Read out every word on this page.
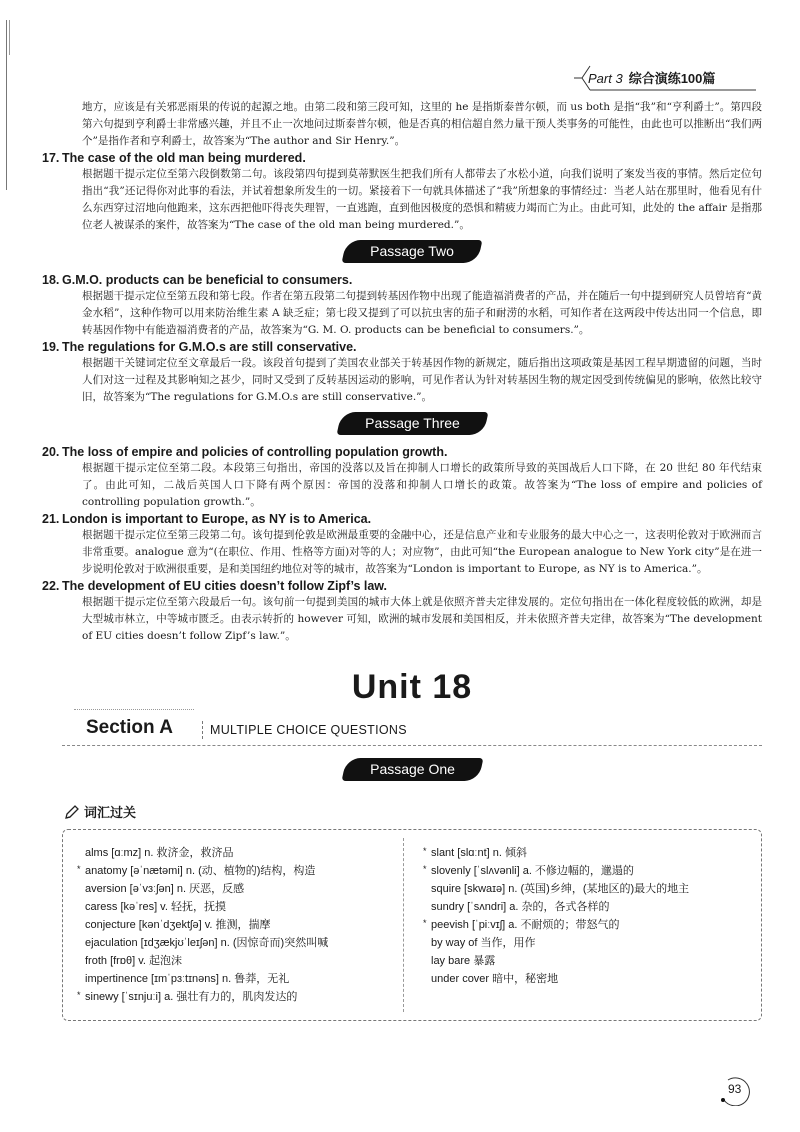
Part 3 综合演练100篇

地方，应该是有关邪恶雨果的传说的起源之地。由第二段和第三段可知，这里的 he 是指斯泰普尔顿，而 us both 是指“我”和“亨利爵士”。第四段第六句提到亨利爵士非常感兴趣，并且不止一次地问过斯泰普尔顿，他是否真的相信超自然力量干预人类事务的可能性，由此也可以推断出“我们两个”是指作者和亨利爵士，故答案为“The author and Sir Henry.”。

17. The case of the old man being murdered.

根据题干提示定位至第六段倒数第二句。该段第四句提到莫蒂默医生把我们所有人都带去了水松小道，向我们说明了案发当夜的事情。然后定位句指出“我”还记得你对此事的看法，并试着想象所发生的一切。紧接着下一句就具体描述了“我”所想象的事情经过：当老人站在那里时，他看见有什么东西穿过沼地向他跑来，这东西把他吓得丧失理智，一直逃跑，直到他因极度的恐惧和精疲力竭而亡为止。由此可知，此处的 the affair 是指那位老人被谋杀的案件，故答案为“The case of the old man being murdered.”。

Passage Two

18. G.M.O. products can be beneficial to consumers.

根据题干提示定位至第五段和第七段。作者在第五段第二句提到转基因作物中出现了能造福消费者的产品，并在随后一句中提到研究人员曾培育“黄金水稻”，这种作物可以用来防治维生素 A 缺乏症；第七段又提到了可以抗虫害的茄子和耐涝的水稻，可知作者在这两段中传达出同一个信息，即转基因作物中有能造福消费者的产品，故答案为“G. M. O. products can be beneficial to consumers.”。

19. The regulations for G.M.O.s are still conservative.

根据题干关键词定位至文章最后一段。该段首句提到了美国农业部关于转基因作物的新规定，随后指出这项政策是基因工程早期遗留的问题，当时人们对这一过程及其影响知之甚少，同时又受到了反转基因运动的影响，可见作者认为针对转基因生物的规定因受到传统偏见的影响，依然比较守旧，故答案为“The regulations for G.M.O.s are still conservative.”。

Passage Three

20. The loss of empire and policies of controlling population growth.

根据题干提示定位至第二段。本段第三句指出，帝国的没落以及旨在抑制人口增长的政策所导致的英国战后人口下降，在 20 世纪 80 年代结束了。由此可知，二战后英国人口下降有两个原因：帝国的没落和抑制人口增长的政策。故答案为“The loss of empire and policies of controlling population growth.”。

21. London is important to Europe, as NY is to America.

根据题干提示定位至第三段第二句。该句提到伦敦是欧洲最重要的金融中心，还是信息产业和专业服务的最大中心之一，这表明伦敦对于欧洲而言非常重要。analogue 意为“(在职位、作用、性格等方面)对等的人；对应物”，由此可知“the European analogue to New York city”是在进一步说明伦敦对于欧洲很重要，是和美国纽约地位对等的城市，故答案为“London is important to Europe, as NY is to America.”。

22. The development of EU cities doesn’t follow Zipf’s law.

根据题干提示定位至第六段最后一句。该句前一句提到美国的城市大体上就是依照齐普夫定律发展的。定位句指出在一体化程度较低的欧洲，却是大型城市林立，中等城市匮乏。由表示转折的 however 可知，欧洲的城市发展和美国相反，并未依照齐普夫定律，故答案为“The development of EU cities doesn’t follow Zipf’s law.”。

Unit 18
Section A	MULTIPLE CHOICE QUESTIONS
Passage One
词汇过关
alms [ɑːmz] n. 救济金，救济品
* anatomy [əˈnætəmi] n. (动、植物的)结构，构造
aversion [əˈvɜːʃən] n. 厌恶，反感
caress [kəˈres] v. 轻抚，抚摸
conjecture [kənˈdʒektʃə] v. 推测，揣摩
ejaculation [ɪdʒækjʊˈleɪʃən] n. (因惊奇而)突然叫喊
froth [frɒθ] v. 起泡沫
impertinence [ɪmˈpɜːtɪnəns] n. 鲁莽，无礼
* sinewy [ˈsɪnjuːi] a. 强壮有力的，肌肉发达的
* slant [slɑːnt] n. 倾斜
* slovenly [ˈslʌvənli] a. 不修边幅的，邋遢的
squire [skwaɪə] n. (英国)乡绅，(某地区的)最大的地主
sundry [ˈsʌndri] a. 杂的，各式各样的
* peevish [ˈpiːvɪʃ] a. 不耐烦的；带怒气的
by way of 当作，用作
lay bare 暴露
under cover 暗中，秘密地
93
